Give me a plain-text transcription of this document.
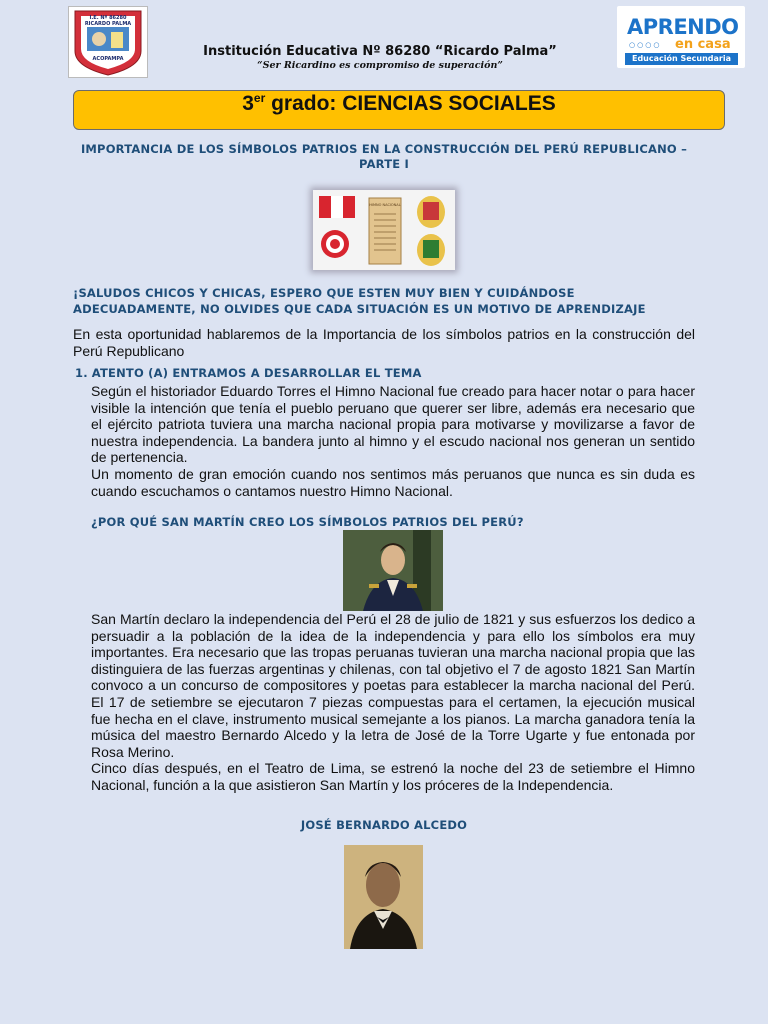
I.E. Nº 86280
RICARDO PALMA
ACOPAMPA	Institución Educativa Nº 86280 “Ricardo Palma”
“Ser Ricardino es compromiso de superación”
APRENDO
○○○○ en casa
Educación Secundaria
3er grado: CIENCIAS SOCIALES
IMPORTANCIA DE LOS SÍMBOLOS PATRIOS EN LA CONSTRUCCIÓN DEL PERÚ REPUBLICANO – PARTE I
HIMNO NACIONAL
¡SALUDOS CHICOS Y CHICAS, ESPERO QUE ESTEN MUY BIEN Y CUIDÁNDOSE ADECUADAMENTE, NO OLVIDES QUE CADA SITUACIÓN ES UN MOTIVO DE APRENDIZAJE
En esta oportunidad hablaremos de la Importancia de los símbolos patrios en la construcción del Perú Republicano
1. ATENTO (A) ENTRAMOS A DESARROLLAR EL TEMA
Según el historiador Eduardo Torres el Himno Nacional fue creado para hacer notar o para hacer visible la intención que tenía el pueblo peruano que querer ser libre, además era necesario que el ejército patriota tuviera una marcha nacional propia para motivarse y movilizarse a favor de nuestra independencia. La bandera junto al himno y el escudo nacional nos generan un sentido de pertenencia.
Un momento de gran emoción cuando nos sentimos más peruanos que nunca es sin duda es cuando escuchamos o cantamos nuestro Himno Nacional.
¿POR QUÉ SAN MARTÍN CREO LOS SÍMBOLOS PATRIOS DEL PERÚ?
San Martín declaro la independencia del Perú el 28 de julio de 1821 y sus esfuerzos los dedico a persuadir a la población de la idea de la independencia y para ello los símbolos era muy importantes. Era necesario que las tropas peruanas tuvieran una marcha nacional propia que las distinguiera de las fuerzas argentinas y chilenas, con tal objetivo el 7 de agosto 1821 San Martín convoco a un concurso de compositores y poetas para establecer la marcha nacional del Perú. El 17 de setiembre se ejecutaron 7 piezas compuestas para el certamen, la ejecución musical fue hecha en el clave, instrumento musical semejante a los pianos. La marcha ganadora tenía la música del maestro Bernardo Alcedo y la letra de José de la Torre Ugarte y fue entonada por Rosa Merino.
Cinco días después, en el Teatro de Lima, se estrenó la noche del 23 de setiembre el Himno Nacional, función a la que asistieron San Martín y los próceres de la Independencia.
JOSÉ BERNARDO ALCEDO
